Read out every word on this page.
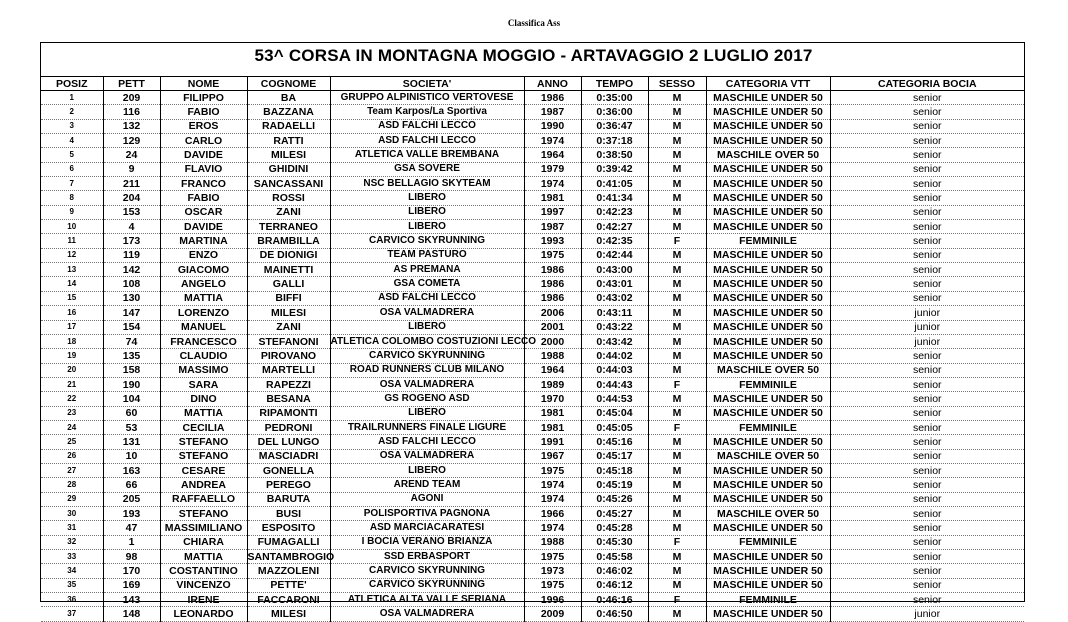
Classifica Ass
53^ CORSA IN MONTAGNA MOGGIO - ARTAVAGGIO 2 LUGLIO 2017
POSIZ	PETT	NOME	COGNOME	SOCIETA'	ANNO	TEMPO	SESSO	CATEGORIA VTT	CATEGORIA BOCIA
1	209	FILIPPO	BA	GRUPPO ALPINISTICO VERTOVESE	1986	0:35:00	M	MASCHILE UNDER 50	senior
2	116	FABIO	BAZZANA	Team Karpos/La Sportiva	1987	0:36:00	M	MASCHILE UNDER 50	senior
3	132	EROS	RADAELLI	ASD FALCHI LECCO	1990	0:36:47	M	MASCHILE UNDER 50	senior
4	129	CARLO	RATTI	ASD FALCHI LECCO	1974	0:37:18	M	MASCHILE UNDER 50	senior
5	24	DAVIDE	MILESI	ATLETICA VALLE BREMBANA	1964	0:38:50	M	MASCHILE OVER 50	senior
6	9	FLAVIO	GHIDINI	GSA SOVERE	1979	0:39:42	M	MASCHILE UNDER 50	senior
7	211	FRANCO	SANCASSANI	NSC BELLAGIO SKYTEAM	1974	0:41:05	M	MASCHILE UNDER 50	senior
8	204	FABIO	ROSSI	LIBERO	1981	0:41:34	M	MASCHILE UNDER 50	senior
9	153	OSCAR	ZANI	LIBERO	1997	0:42:23	M	MASCHILE UNDER 50	senior
10	4	DAVIDE	TERRANEO	LIBERO	1987	0:42:27	M	MASCHILE UNDER 50	senior
11	173	MARTINA	BRAMBILLA	CARVICO SKYRUNNING	1993	0:42:35	F	FEMMINILE	senior
12	119	ENZO	DE DIONIGI	TEAM PASTURO	1975	0:42:44	M	MASCHILE UNDER 50	senior
13	142	GIACOMO	MAINETTI	AS PREMANA	1986	0:43:00	M	MASCHILE UNDER 50	senior
14	108	ANGELO	GALLI	GSA COMETA	1986	0:43:01	M	MASCHILE UNDER 50	senior
15	130	MATTIA	BIFFI	ASD FALCHI LECCO	1986	0:43:02	M	MASCHILE UNDER 50	senior
16	147	LORENZO	MILESI	OSA VALMADRERA	2006	0:43:11	M	MASCHILE UNDER 50	junior
17	154	MANUEL	ZANI	LIBERO	2001	0:43:22	M	MASCHILE UNDER 50	junior
18	74	FRANCESCO	STEFANONI	ATLETICA COLOMBO COSTUZIONI LECCO	2000	0:43:42	M	MASCHILE UNDER 50	junior
19	135	CLAUDIO	PIROVANO	CARVICO SKYRUNNING	1988	0:44:02	M	MASCHILE UNDER 50	senior
20	158	MASSIMO	MARTELLI	ROAD RUNNERS CLUB MILANO	1964	0:44:03	M	MASCHILE OVER 50	senior
21	190	SARA	RAPEZZI	OSA VALMADRERA	1989	0:44:43	F	FEMMINILE	senior
22	104	DINO	BESANA	GS ROGENO ASD	1970	0:44:53	M	MASCHILE UNDER 50	senior
23	60	MATTIA	RIPAMONTI	LIBERO	1981	0:45:04	M	MASCHILE UNDER 50	senior
24	53	CECILIA	PEDRONI	TRAILRUNNERS FINALE LIGURE	1981	0:45:05	F	FEMMINILE	senior
25	131	STEFANO	DEL LUNGO	ASD FALCHI LECCO	1991	0:45:16	M	MASCHILE UNDER 50	senior
26	10	STEFANO	MASCIADRI	OSA VALMADRERA	1967	0:45:17	M	MASCHILE OVER 50	senior
27	163	CESARE	GONELLA	LIBERO	1975	0:45:18	M	MASCHILE UNDER 50	senior
28	66	ANDREA	PEREGO	AREND TEAM	1974	0:45:19	M	MASCHILE UNDER 50	senior
29	205	RAFFAELLO	BARUTA	AGONI	1974	0:45:26	M	MASCHILE UNDER 50	senior
30	193	STEFANO	BUSI	POLISPORTIVA PAGNONA	1966	0:45:27	M	MASCHILE OVER 50	senior
31	47	MASSIMILIANO	ESPOSITO	ASD MARCIACARATESI	1974	0:45:28	M	MASCHILE UNDER 50	senior
32	1	CHIARA	FUMAGALLI	I BOCIA VERANO BRIANZA	1988	0:45:30	F	FEMMINILE	senior
33	98	MATTIA	SANTAMBROGIO	SSD ERBASPORT	1975	0:45:58	M	MASCHILE UNDER 50	senior
34	170	COSTANTINO	MAZZOLENI	CARVICO SKYRUNNING	1973	0:46:02	M	MASCHILE UNDER 50	senior
35	169	VINCENZO	PETTE'	CARVICO SKYRUNNING	1975	0:46:12	M	MASCHILE UNDER 50	senior
36	143	IRENE	FACCARONI	ATLETICA ALTA VALLE SERIANA	1996	0:46:16	F	FEMMINILE	senior
37	148	LEONARDO	MILESI	OSA VALMADRERA	2009	0:46:50	M	MASCHILE UNDER 50	junior
